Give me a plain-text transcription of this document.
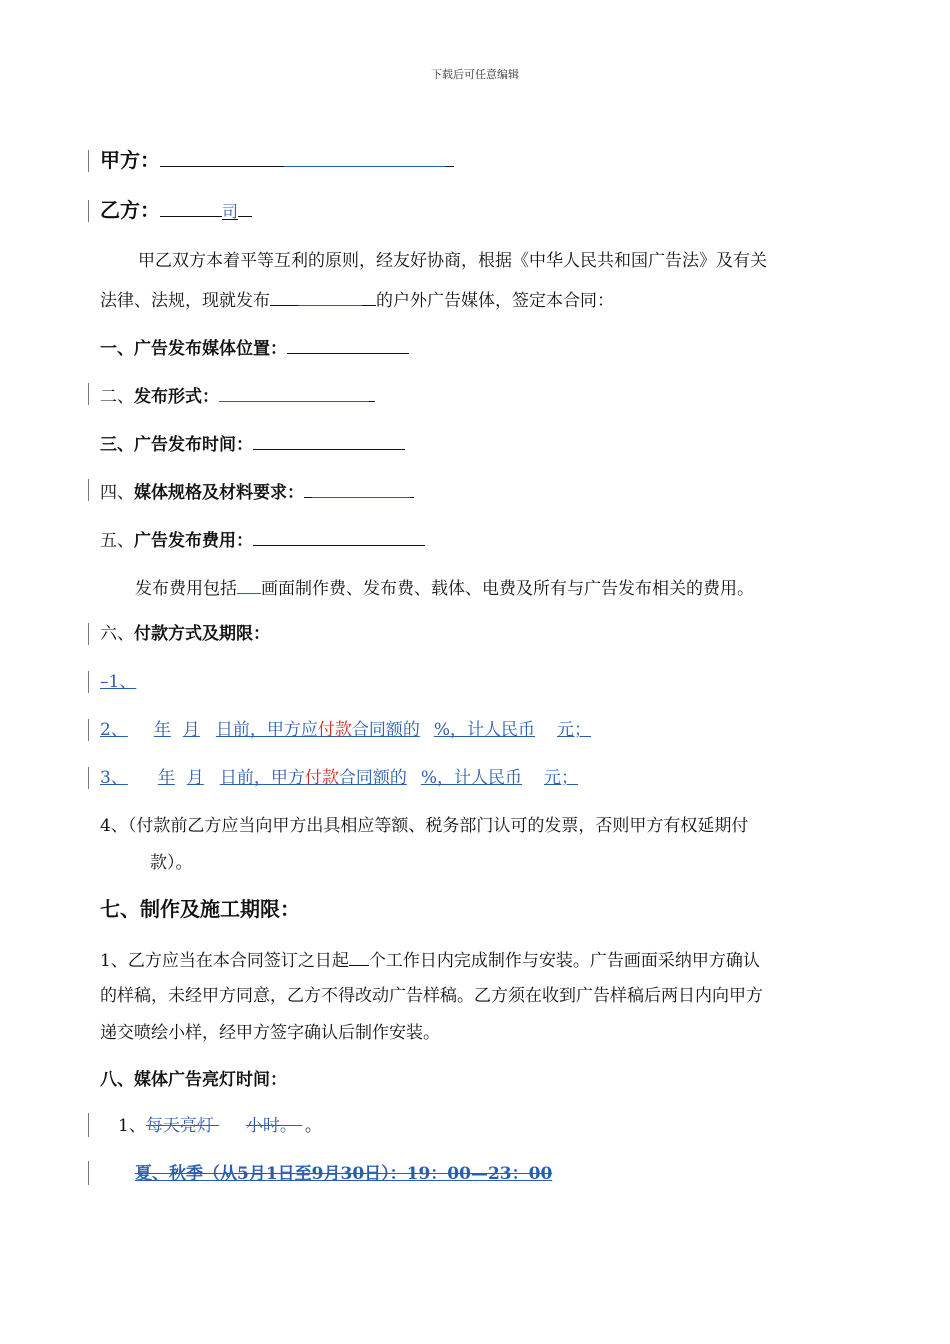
下载后可任意编辑
甲方：
乙方：	司
甲乙双方本着平等互利的原则，经友好协商，根据《中华人民共和国广告法》及有关
法律、法规，现就发布	的户外广告媒体，签定本合同：
一、广告发布媒体位置：
二、发布形式：
三、广告发布时间：
四、媒体规格及材料要求：
五、广告发布费用：
发布费用包括 画面制作费、发布费、载体、电费及所有与广告发布相关的费用。
六、付款方式及期限：
–1、
2、 年 月 日前，甲方应付款合同额的 %，计人民币 元；
3、 年 月 日前，甲方付款合同额的 %，计人民币 元；
4、（付款前乙方应当向甲方出具相应等额、税务部门认可的发票，否则甲方有权延期付
款）。
七、制作及施工期限：
1、乙方应当在本合同签订之日起 个工作日内完成制作与安装。广告画面采纳甲方确认
的样稿，未经甲方同意，乙方不得改动广告样稿。乙方须在收到广告样稿后两日内向甲方
递交喷绘小样，经甲方签字确认后制作安装。
八、媒体广告亮灯时间：
1、每天亮灯 小时。 。
夏、秋季（从5月1日至9月30日）：19：00—23：00
